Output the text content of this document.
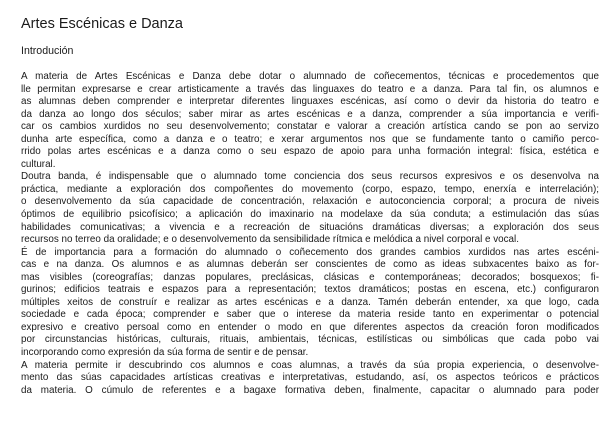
Artes Escénicas e Danza
Introdución

A materia de Artes Escénicas e Danza debe dotar o alumnado de coñecementos, técnicas e procedementos que
lle permitan expresarse e crear artisticamente a través das linguaxes do teatro e a danza. Para tal fin, os alumnos e
as alumnas deben comprender e interpretar diferentes linguaxes escénicas, así como o devir da historia do teatro e
da danza ao longo dos séculos; saber mirar as artes escénicas e a danza, comprender a súa importancia e verifi-
car os cambios xurdidos no seu desenvolvemento; constatar e valorar a creación artística cando se pon ao servizo
dunha arte específica, como a danza e o teatro; e xerar argumentos nos que se fundamente tanto o camiño perco-
rrido polas artes escénicas e a danza como o seu espazo de apoio para unha formación integral: física, estética e
cultural.

Doutra banda, é indispensable que o alumnado tome conciencia dos seus recursos expresivos e os desenvolva na
práctica, mediante a exploración dos compoñentes do movemento (corpo, espazo, tempo, enerxía e interrelación);
o desenvolvemento da súa capacidade de concentración, relaxación e autoconciencia corporal; a procura de niveis
óptimos de equilibrio psicofísico; a aplicación do imaxinario na modelaxe da súa conduta; a estimulación das súas
habilidades comunicativas; a vivencia e a recreación de situacións dramáticas diversas; a exploración dos seus
recursos no terreo da oralidade; e o desenvolvemento da sensibilidade rítmica e melódica a nivel corporal e vocal.

É de importancia para a formación do alumnado o coñecemento dos grandes cambios xurdidos nas artes escéni-
cas e na danza. Os alumnos e as alumnas deberán ser conscientes de como as ideas subxacentes baixo as for-
mas visibles (coreografías; danzas populares, preclásicas, clásicas e contemporáneas; decorados; bosquexos; fi-
gurinos; edificios teatrais e espazos para a representación; textos dramáticos; postas en escena, etc.) configuraron
múltiples xeitos de construír e realizar as artes escénicas e a danza. Tamén deberán entender, xa que logo, cada
sociedade e cada época; comprender e saber que o interese da materia reside tanto en experimentar o potencial
expresivo e creativo persoal como en entender o modo en que diferentes aspectos da creación foron modificados
por circunstancias históricas, culturais, rituais, ambientais, técnicas, estilísticas ou simbólicas que cada pobo vai
incorporando como expresión da súa forma de sentir e de pensar.

A materia permite ir descubrindo cos alumnos e coas alumnas, a través da súa propia experiencia, o desenvolve-
mento das súas capacidades artísticas creativas e interpretativas, estudando, así, os aspectos teóricos e prácticos
da materia. O cúmulo de referentes e a bagaxe formativa deben, finalmente, capacitar o alumnado para poder
